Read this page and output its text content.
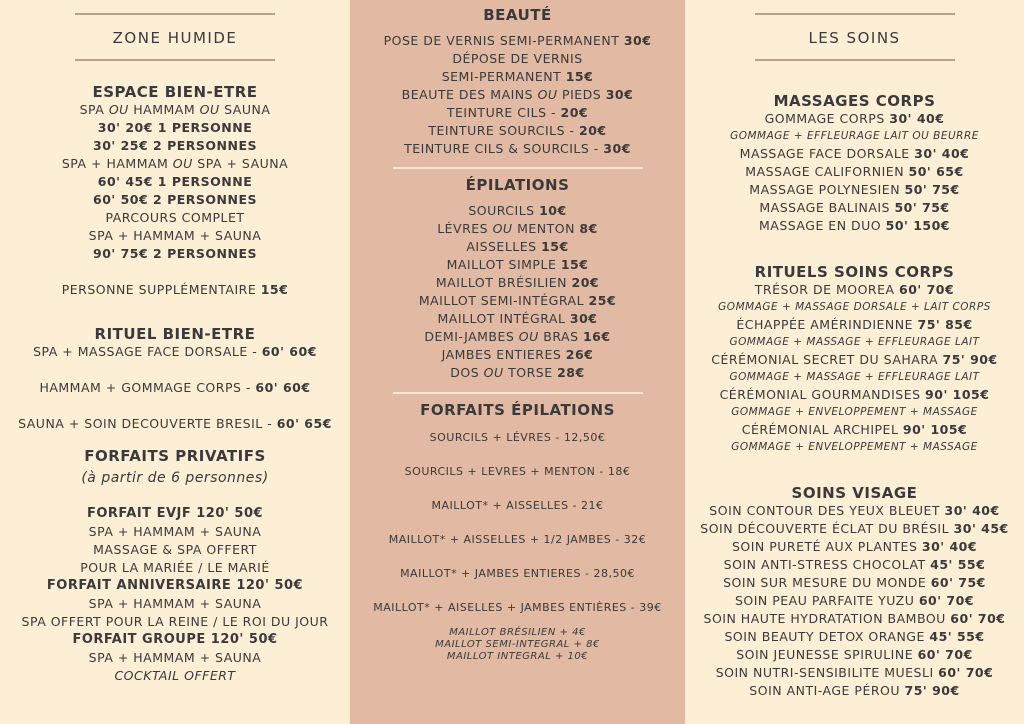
ZONE HUMIDE
ESPACE BIEN-ETRE
SPA OU HAMMAM OU SAUNA
30' 20€ 1 PERSONNE
30' 25€ 2 PERSONNES
SPA + HAMMAM OU SPA + SAUNA
60' 45€ 1 PERSONNE
60' 50€ 2 PERSONNES
PARCOURS COMPLET
SPA + HAMMAM + SAUNA
90' 75€ 2 PERSONNES
PERSONNE SUPPLÉMENTAIRE 15€
RITUEL BIEN-ETRE
SPA + MASSAGE FACE DORSALE - 60' 60€
HAMMAM + GOMMAGE CORPS - 60' 60€
SAUNA + SOIN DECOUVERTE BRESIL - 60' 65€
FORFAITS PRIVATIFS
(à partir de 6 personnes)
FORFAIT EVJF 120' 50€
SPA + HAMMAM + SAUNA
MASSAGE & SPA OFFERT
POUR LA MARIÉE / LE MARIÉ
FORFAIT ANNIVERSAIRE 120' 50€
SPA + HAMMAM + SAUNA
SPA OFFERT POUR LA REINE / LE ROI DU JOUR
FORFAIT GROUPE 120' 50€
SPA + HAMMAM + SAUNA
COCKTAIL OFFERT
BEAUTÉ
POSE DE VERNIS SEMI-PERMANENT 30€
DÉPOSE DE VERNIS
SEMI-PERMANENT 15€
BEAUTE DES MAINS OU PIEDS 30€
TEINTURE CILS - 20€
TEINTURE SOURCILS - 20€
TEINTURE CILS & SOURCILS - 30€
ÉPILATIONS
SOURCILS 10€
LÉVRES OU MENTON 8€
AISSELLES 15€
MAILLOT SIMPLE 15€
MAILLOT BRÉSILIEN 20€
MAILLOT SEMI-INTÉGRAL 25€
MAILLOT INTÉGRAL 30€
DEMI-JAMBES OU BRAS 16€
JAMBES ENTIERES 26€
DOS OU TORSE 28€
FORFAITS ÉPILATIONS
SOURCILS + LÉVRES - 12,50€
SOURCILS + LEVRES + MENTON - 18€
MAILLOT* + AISSELLES - 21€
MAILLOT* + AISSELLES + 1/2 JAMBES - 32€
MAILLOT* + JAMBES ENTIERES - 28,50€
MAILLOT* + AISELLES + JAMBES ENTIÈRES - 39€
MAILLOT BRÉSILIEN + 4€
MAILLOT SEMI-INTEGRAL + 8€
MAILLOT INTEGRAL + 10€
LES SOINS
MASSAGES CORPS
GOMMAGE CORPS 30' 40€
GOMMAGE + EFFLEURAGE LAIT OU BEURRE
MASSAGE FACE DORSALE 30' 40€
MASSAGE CALIFORNIEN 50' 65€
MASSAGE POLYNESIEN 50' 75€
MASSAGE BALINAIS 50' 75€
MASSAGE EN DUO 50' 150€
RITUELS SOINS CORPS
TRÉSOR DE MOOREA 60' 70€
GOMMAGE + MASSAGE DORSALE + LAIT CORPS
ÉCHAPPÉE AMÉRINDIENNE 75' 85€
GOMMAGE + MASSAGE + EFFLEURAGE LAIT
CÉRÉMONIAL SECRET DU SAHARA 75' 90€
GOMMAGE + MASSAGE + EFFLEURAGE LAIT
CÉRÉMONIAL GOURMANDISES 90' 105€
GOMMAGE + ENVELOPPEMENT + MASSAGE
CÉRÉMONIAL ARCHIPEL 90' 105€
GOMMAGE + ENVELOPPEMENT + MASSAGE
SOINS VISAGE
SOIN CONTOUR DES YEUX BLEUET 30' 40€
SOIN DÉCOUVERTE ÉCLAT DU BRÉSIL 30' 45€
SOIN PURETÉ AUX PLANTES 30' 40€
SOIN ANTI-STRESS CHOCOLAT 45' 55€
SOIN SUR MESURE DU MONDE 60' 75€
SOIN PEAU PARFAITE YUZU 60' 70€
SOIN HAUTE HYDRATATION BAMBOU 60' 70€
SOIN BEAUTY DETOX ORANGE 45' 55€
SOIN JEUNESSE SPIRULINE 60' 70€
SOIN NUTRI-SENSIBILITE MUESLI 60' 70€
SOIN ANTI-AGE PÉROU 75' 90€
